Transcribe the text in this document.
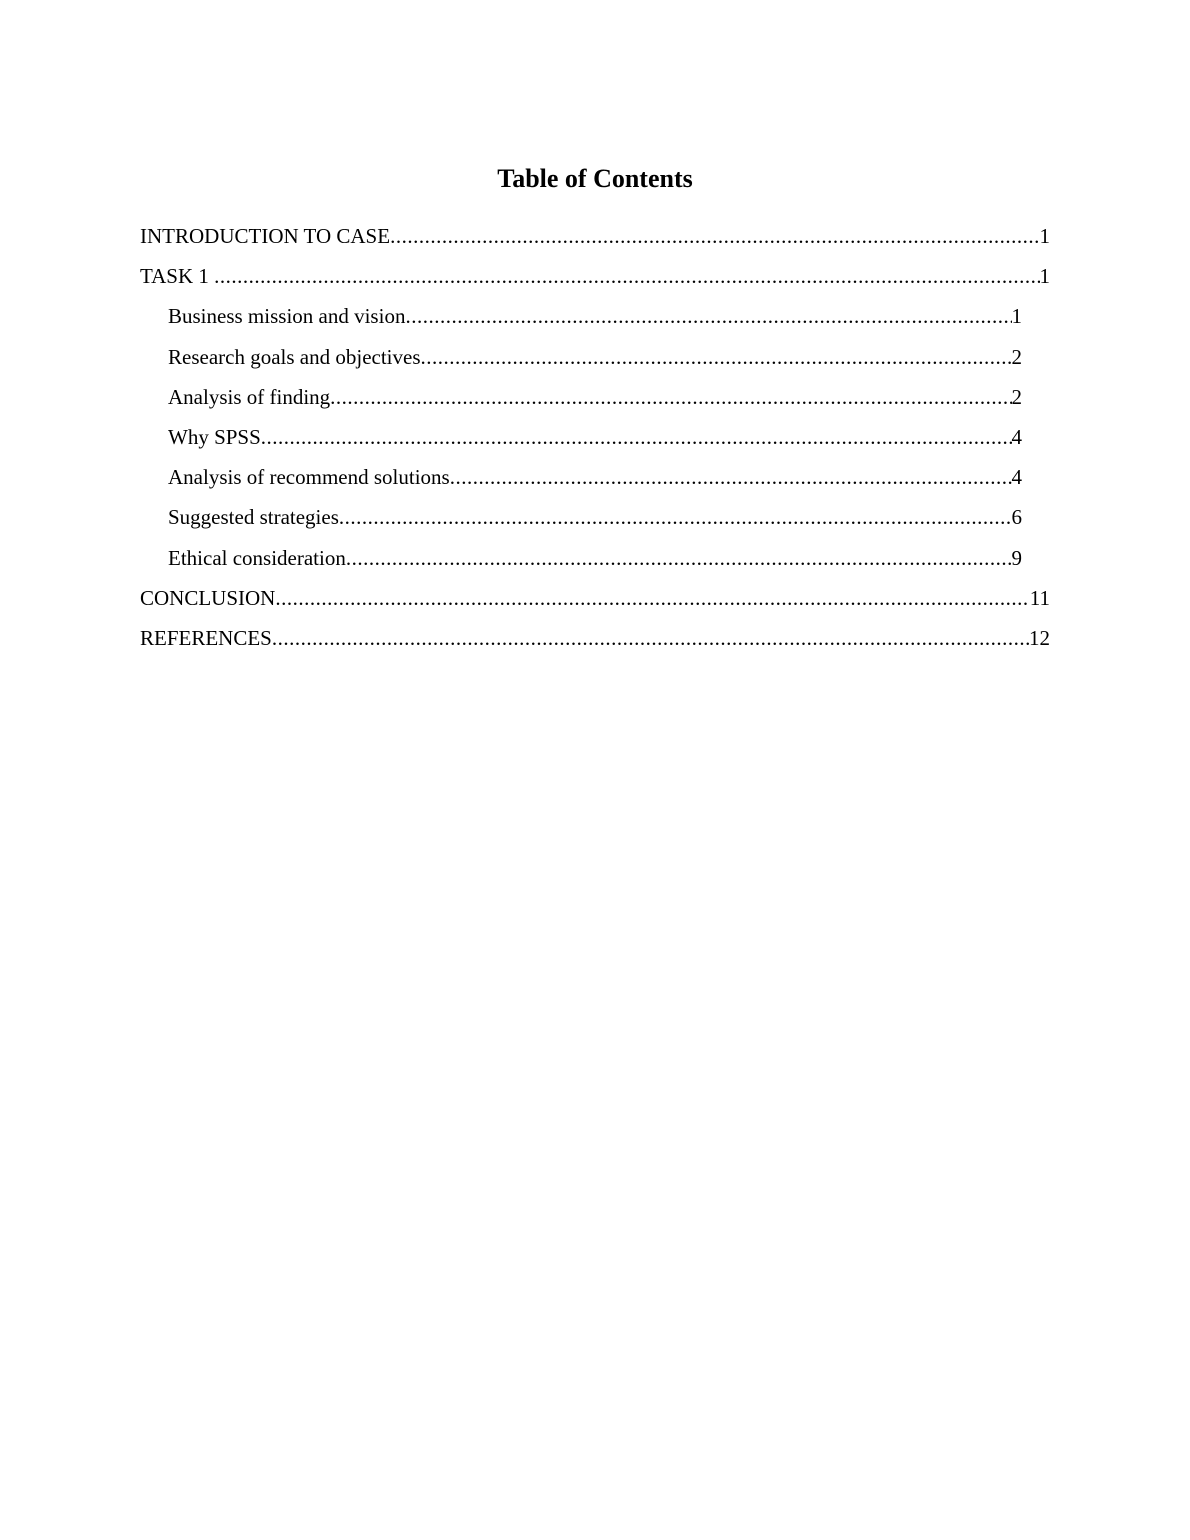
Table of Contents
INTRODUCTION TO CASE .....	1
TASK 1 .....	1
Business mission and vision .....	1
Research goals and objectives .....	2
Analysis of finding .....	2
Why SPSS .....	4
Analysis of recommend solutions .....	4
Suggested strategies .....	6
Ethical consideration .....	9
CONCLUSION .....	11
REFERENCES .....	12
